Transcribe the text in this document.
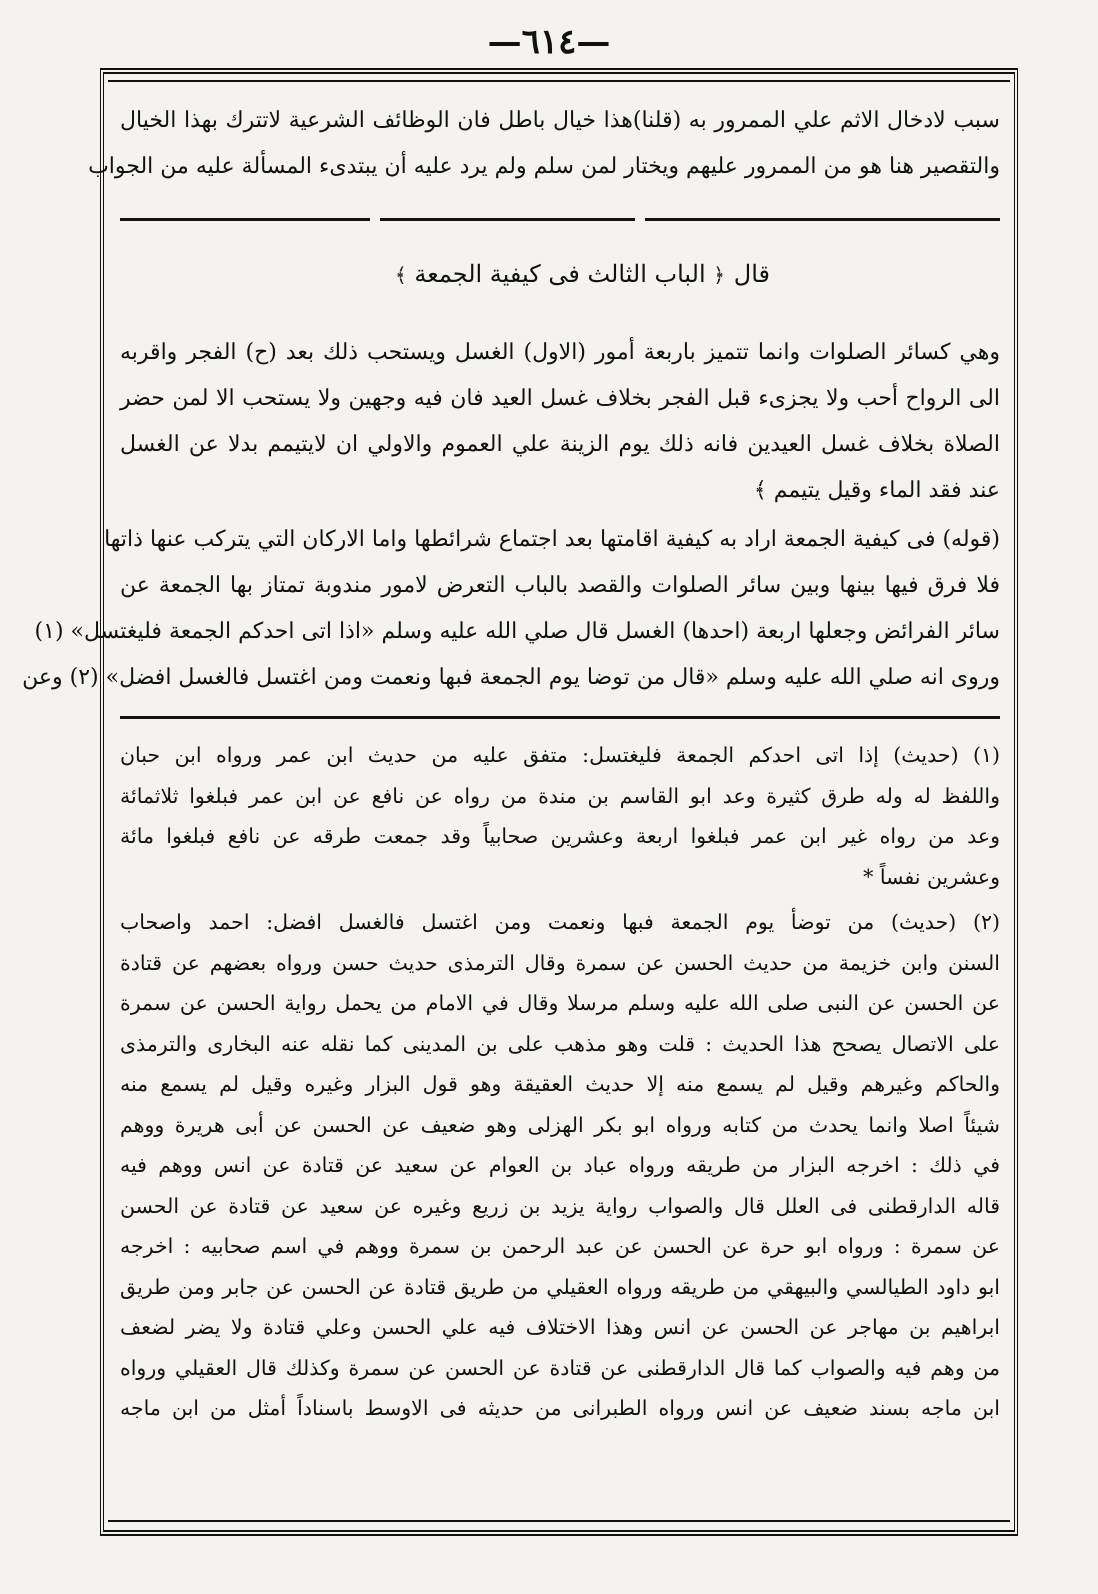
—٦١٤—
سبب لادخال الاثم علي الممرور به (قلنا)هذا خيال باطل فان الوظائف الشرعية لاتترك بهذا الخيال
والتقصير هنا هو من الممرور عليهم ويختار لمن سلم ولم يرد عليه أن يبتدىء المسألة عليه من الجواب
قال
﴿ الباب الثالث فى كيفية الجمعة ﴾
وهي كسائر الصلوات وانما تتميز باربعة أمور (الاول) الغسل ويستحب ذلك بعد (ح) الفجر واقربه
الى الرواح أحب ولا يجزىء قبل الفجر بخلاف غسل العيد فان فيه وجهين ولا يستحب الا لمن حضر
الصلاة بخلاف غسل العيدين فانه ذلك يوم الزينة علي العموم والاولي ان لايتيمم بدلا عن الغسل
عند فقد الماء وقيل يتيمم ﴾
(قوله) فى كيفية الجمعة اراد به كيفية اقامتها بعد اجتماع شرائطها واما الاركان التي يتركب عنها ذاتها
فلا فرق فيها بينها وبين سائر الصلوات والقصد بالباب التعرض لامور مندوبة تمتاز بها الجمعة عن
سائر الفرائض وجعلها اربعة (احدها) الغسل قال صلي الله عليه وسلم «اذا اتى احدكم الجمعة فليغتسل» (١)
وروى انه صلي الله عليه وسلم «قال من توضا يوم الجمعة فبها ونعمت ومن اغتسل فالغسل افضل» (٢) وعن
(١) (حديث) إذا اتى احدكم الجمعة فليغتسل: متفق عليه من حديث ابن عمر ورواه ابن حبان
واللفظ له وله طرق كثيرة وعد ابو القاسم بن مندة من رواه عن نافع عن ابن عمر فبلغوا ثلاثمائة
وعد من رواه غير ابن عمر فبلغوا اربعة وعشرين صحابياً وقد جمعت طرقه عن نافع فبلغوا مائة
وعشرين نفساً *
(٢) (حديث) من توضأ يوم الجمعة فبها ونعمت ومن اغتسل فالغسل افضل: احمد واصحاب
السنن وابن خزيمة من حديث الحسن عن سمرة وقال الترمذى حديث حسن ورواه بعضهم عن قتادة
عن الحسن عن النبى صلى الله عليه وسلم مرسلا وقال في الامام من يحمل رواية الحسن عن سمرة
على الاتصال يصحح هذا الحديث : قلت وهو مذهب على بن المدينى كما نقله عنه البخارى والترمذى
والحاكم وغيرهم وقيل لم يسمع منه إلا حديث العقيقة وهو قول البزار وغيره وقيل لم يسمع منه
شيئاً اصلا وانما يحدث من كتابه ورواه ابو بكر الهزلى وهو ضعيف عن الحسن عن أبى هريرة ووهم
في ذلك : اخرجه البزار من طريقه ورواه عباد بن العوام عن سعيد عن قتادة عن انس ووهم فيه
قاله الدارقطنى فى العلل قال والصواب رواية يزيد بن زريع وغيره عن سعيد عن قتادة عن الحسن
عن سمرة : ورواه ابو حرة عن الحسن عن عبد الرحمن بن سمرة ووهم في اسم صحابيه : اخرجه
ابو داود الطيالسي والبيهقي من طريقه ورواه العقيلي من طريق قتادة عن الحسن عن جابر ومن طريق
ابراهيم بن مهاجر عن الحسن عن انس وهذا الاختلاف فيه علي الحسن وعلي قتادة ولا يضر لضعف
من وهم فيه والصواب كما قال الدارقطنى عن قتادة عن الحسن عن سمرة وكذلك قال العقيلي ورواه
ابن ماجه بسند ضعيف عن انس ورواه الطبرانى من حديثه فى الاوسط باسناداً أمثل من ابن ماجه
